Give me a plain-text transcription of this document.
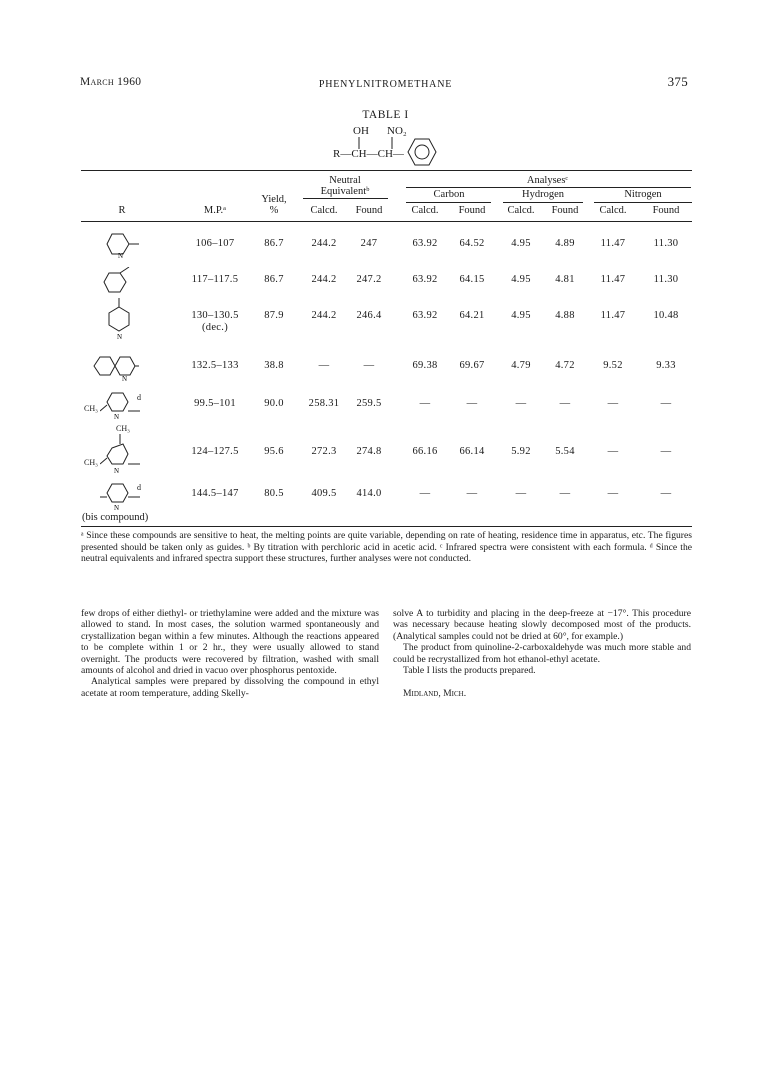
March 1960	PHENYLNITROMETHANE	375
TABLE I
OH NO₂
R—CH—CH—
R	M.P.ᵃ
Yield,
%
Neutral
Equivalentᵇ
Calcd.	Found
Analysesᶜ
Carbon	Hydrogen	Nitrogen
Calcd.	Found	Calcd.	Found	Calcd.	Found
N
N
N
CH₃
d
N
CH₃
CH₃
N
d
N
(bis compound)
106–107	86.7	244.2	247	63.92	64.52	4.95	4.89	11.47	11.30
117–117.5	86.7	244.2	247.2	63.92	64.15	4.95	4.81	11.47	11.30
130–130.5	87.9	244.2	246.4	63.92	64.21	4.95	4.88	11.47	10.48
(dec.)
132.5–133	38.8	—	—	69.38	69.67	4.79	4.72	9.52	9.33
99.5–101	90.0	258.31	259.5	—	—	—	—	—	—
124–127.5	95.6	272.3	274.8	66.16	66.14	5.92	5.54	—	—
144.5–147	80.5	409.5	414.0	—	—	—	—	—	—
ᵃ Since these compounds are sensitive to heat, the melting points are quite variable, depending on rate of heating, residence time in apparatus, etc. The figures presented should be taken only as guides. ᵇ By titration with perchloric acid in acetic acid. ᶜ Infrared spectra were consistent with each formula. ᵈ Since the neutral equivalents and infrared spectra support these structures, further analyses were not conducted.

few drops of either diethyl- or triethylamine were added and the mixture was allowed to stand. In most cases, the solution warmed spontaneously and crystallization began within a few minutes. Although the reactions appeared to be complete within 1 or 2 hr., they were usually allowed to stand overnight. The products were recovered by filtration, washed with small amounts of alcohol and dried in vacuo over phosphorus pentoxide.

Analytical samples were prepared by dissolving the compound in ethyl acetate at room temperature, adding Skelly-

solve A to turbidity and placing in the deep-freeze at −17°. This procedure was necessary because heating slowly decomposed most of the products. (Analytical samples could not be dried at 60°, for example.)

The product from quinoline-2-carboxaldehyde was much more stable and could be recrystallized from hot ethanol-ethyl acetate.

Table I lists the products prepared.

Midland, Mich.
